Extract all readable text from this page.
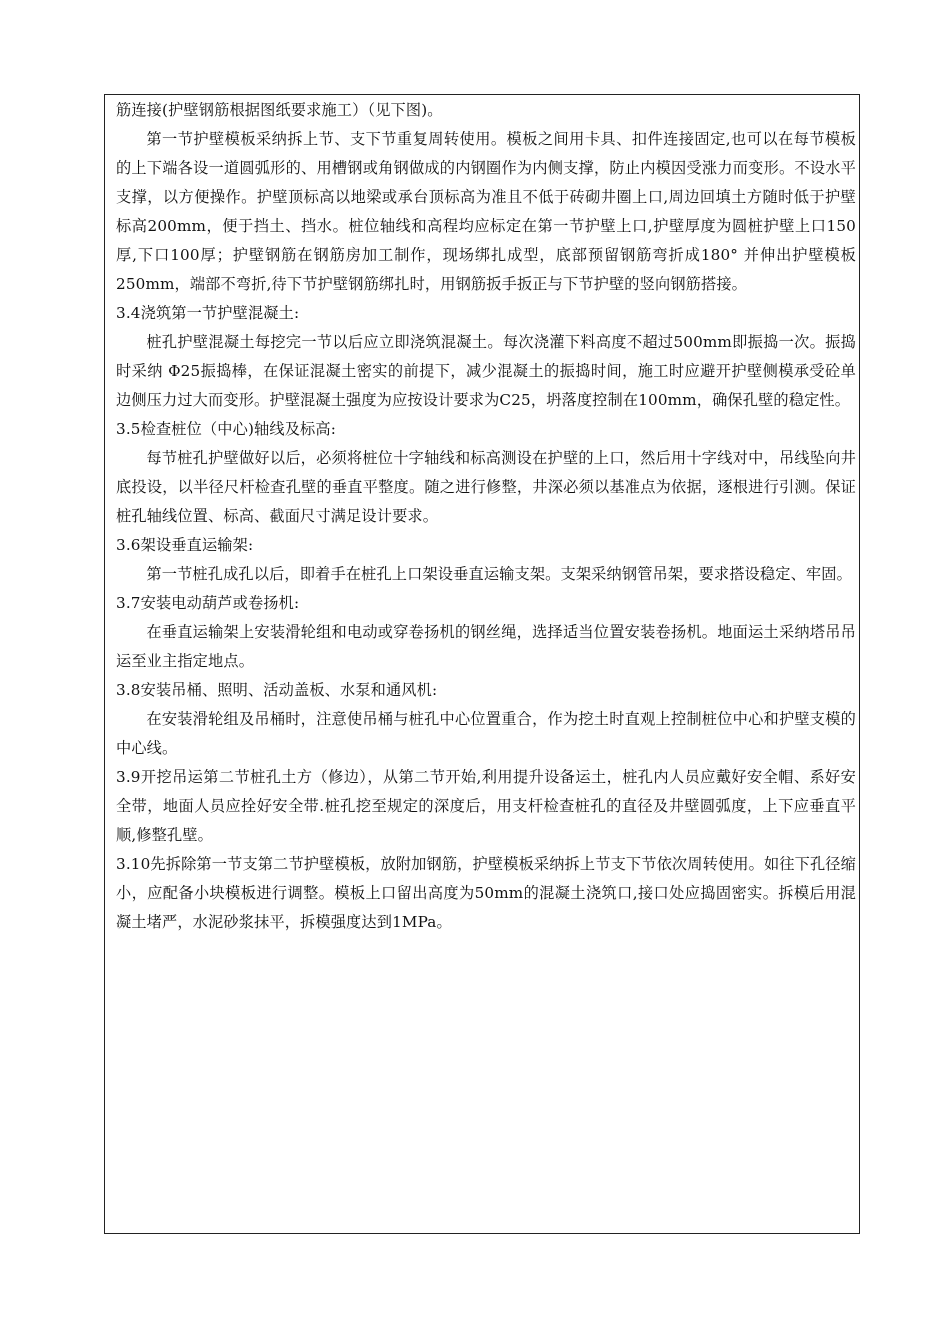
筋连接(护壁钢筋根据图纸要求施工）（见下图)。

第一节护壁模板采纳拆上节、支下节重复周转使用。模板之间用卡具、扣件连接固定,也可以在每节模板的上下端各设一道圆弧形的、用槽钢或角钢做成的内钢圈作为内侧支撑，防止内模因受涨力而变形。不设水平支撑，以方便操作。护壁顶标高以地梁或承台顶标高为准且不低于砖砌井圈上口,周边回填土方随时低于护壁标高200mm，便于挡土、挡水。桩位轴线和高程均应标定在第一节护壁上口,护壁厚度为圆桩护壁上口150厚,下口100厚；护壁钢筋在钢筋房加工制作，现场绑扎成型，底部预留钢筋弯折成180° 并伸出护壁模板250mm，端部不弯折,待下节护壁钢筋绑扎时，用钢筋扳手扳正与下节护壁的竖向钢筋搭接。

3.4浇筑第一节护壁混凝土:

桩孔护壁混凝土每挖完一节以后应立即浇筑混凝土。每次浇灌下料高度不超过500mm即振捣一次。振捣时采纳 Φ25振捣棒，在保证混凝土密实的前提下，减少混凝土的振捣时间，施工时应避开护壁侧模承受砼单边侧压力过大而变形。护壁混凝土强度为应按设计要求为C25，坍落度控制在100mm，确保孔壁的稳定性。

3.5检查桩位（中心)轴线及标高:

每节桩孔护壁做好以后，必须将桩位十字轴线和标高测设在护壁的上口，然后用十字线对中，吊线坠向井底投设，以半径尺杆检查孔壁的垂直平整度。随之进行修整，井深必须以基准点为依据，逐根进行引测。保证桩孔轴线位置、标高、截面尺寸满足设计要求。

3.6架设垂直运输架:

第一节桩孔成孔以后，即着手在桩孔上口架设垂直运输支架。支架采纳钢管吊架，要求搭设稳定、牢固。

3.7安装电动葫芦或卷扬机:

在垂直运输架上安装滑轮组和电动或穿卷扬机的钢丝绳，选择适当位置安装卷扬机。地面运土采纳塔吊吊运至业主指定地点。

3.8安装吊桶、照明、活动盖板、水泵和通风机:

在安装滑轮组及吊桶时，注意使吊桶与桩孔中心位置重合，作为挖土时直观上控制桩位中心和护壁支模的中心线。

3.9开挖吊运第二节桩孔土方（修边），从第二节开始,利用提升设备运土，桩孔内人员应戴好安全帽、系好安全带，地面人员应拴好安全带.桩孔挖至规定的深度后，用支杆检查桩孔的直径及井壁圆弧度，上下应垂直平顺,修整孔壁。

3.10先拆除第一节支第二节护壁模板，放附加钢筋，护壁模板采纳拆上节支下节依次周转使用。如往下孔径缩小，应配备小块模板进行调整。模板上口留出高度为50mm的混凝土浇筑口,接口处应捣固密实。拆模后用混凝土堵严，水泥砂浆抹平，拆模强度达到1MPa。
